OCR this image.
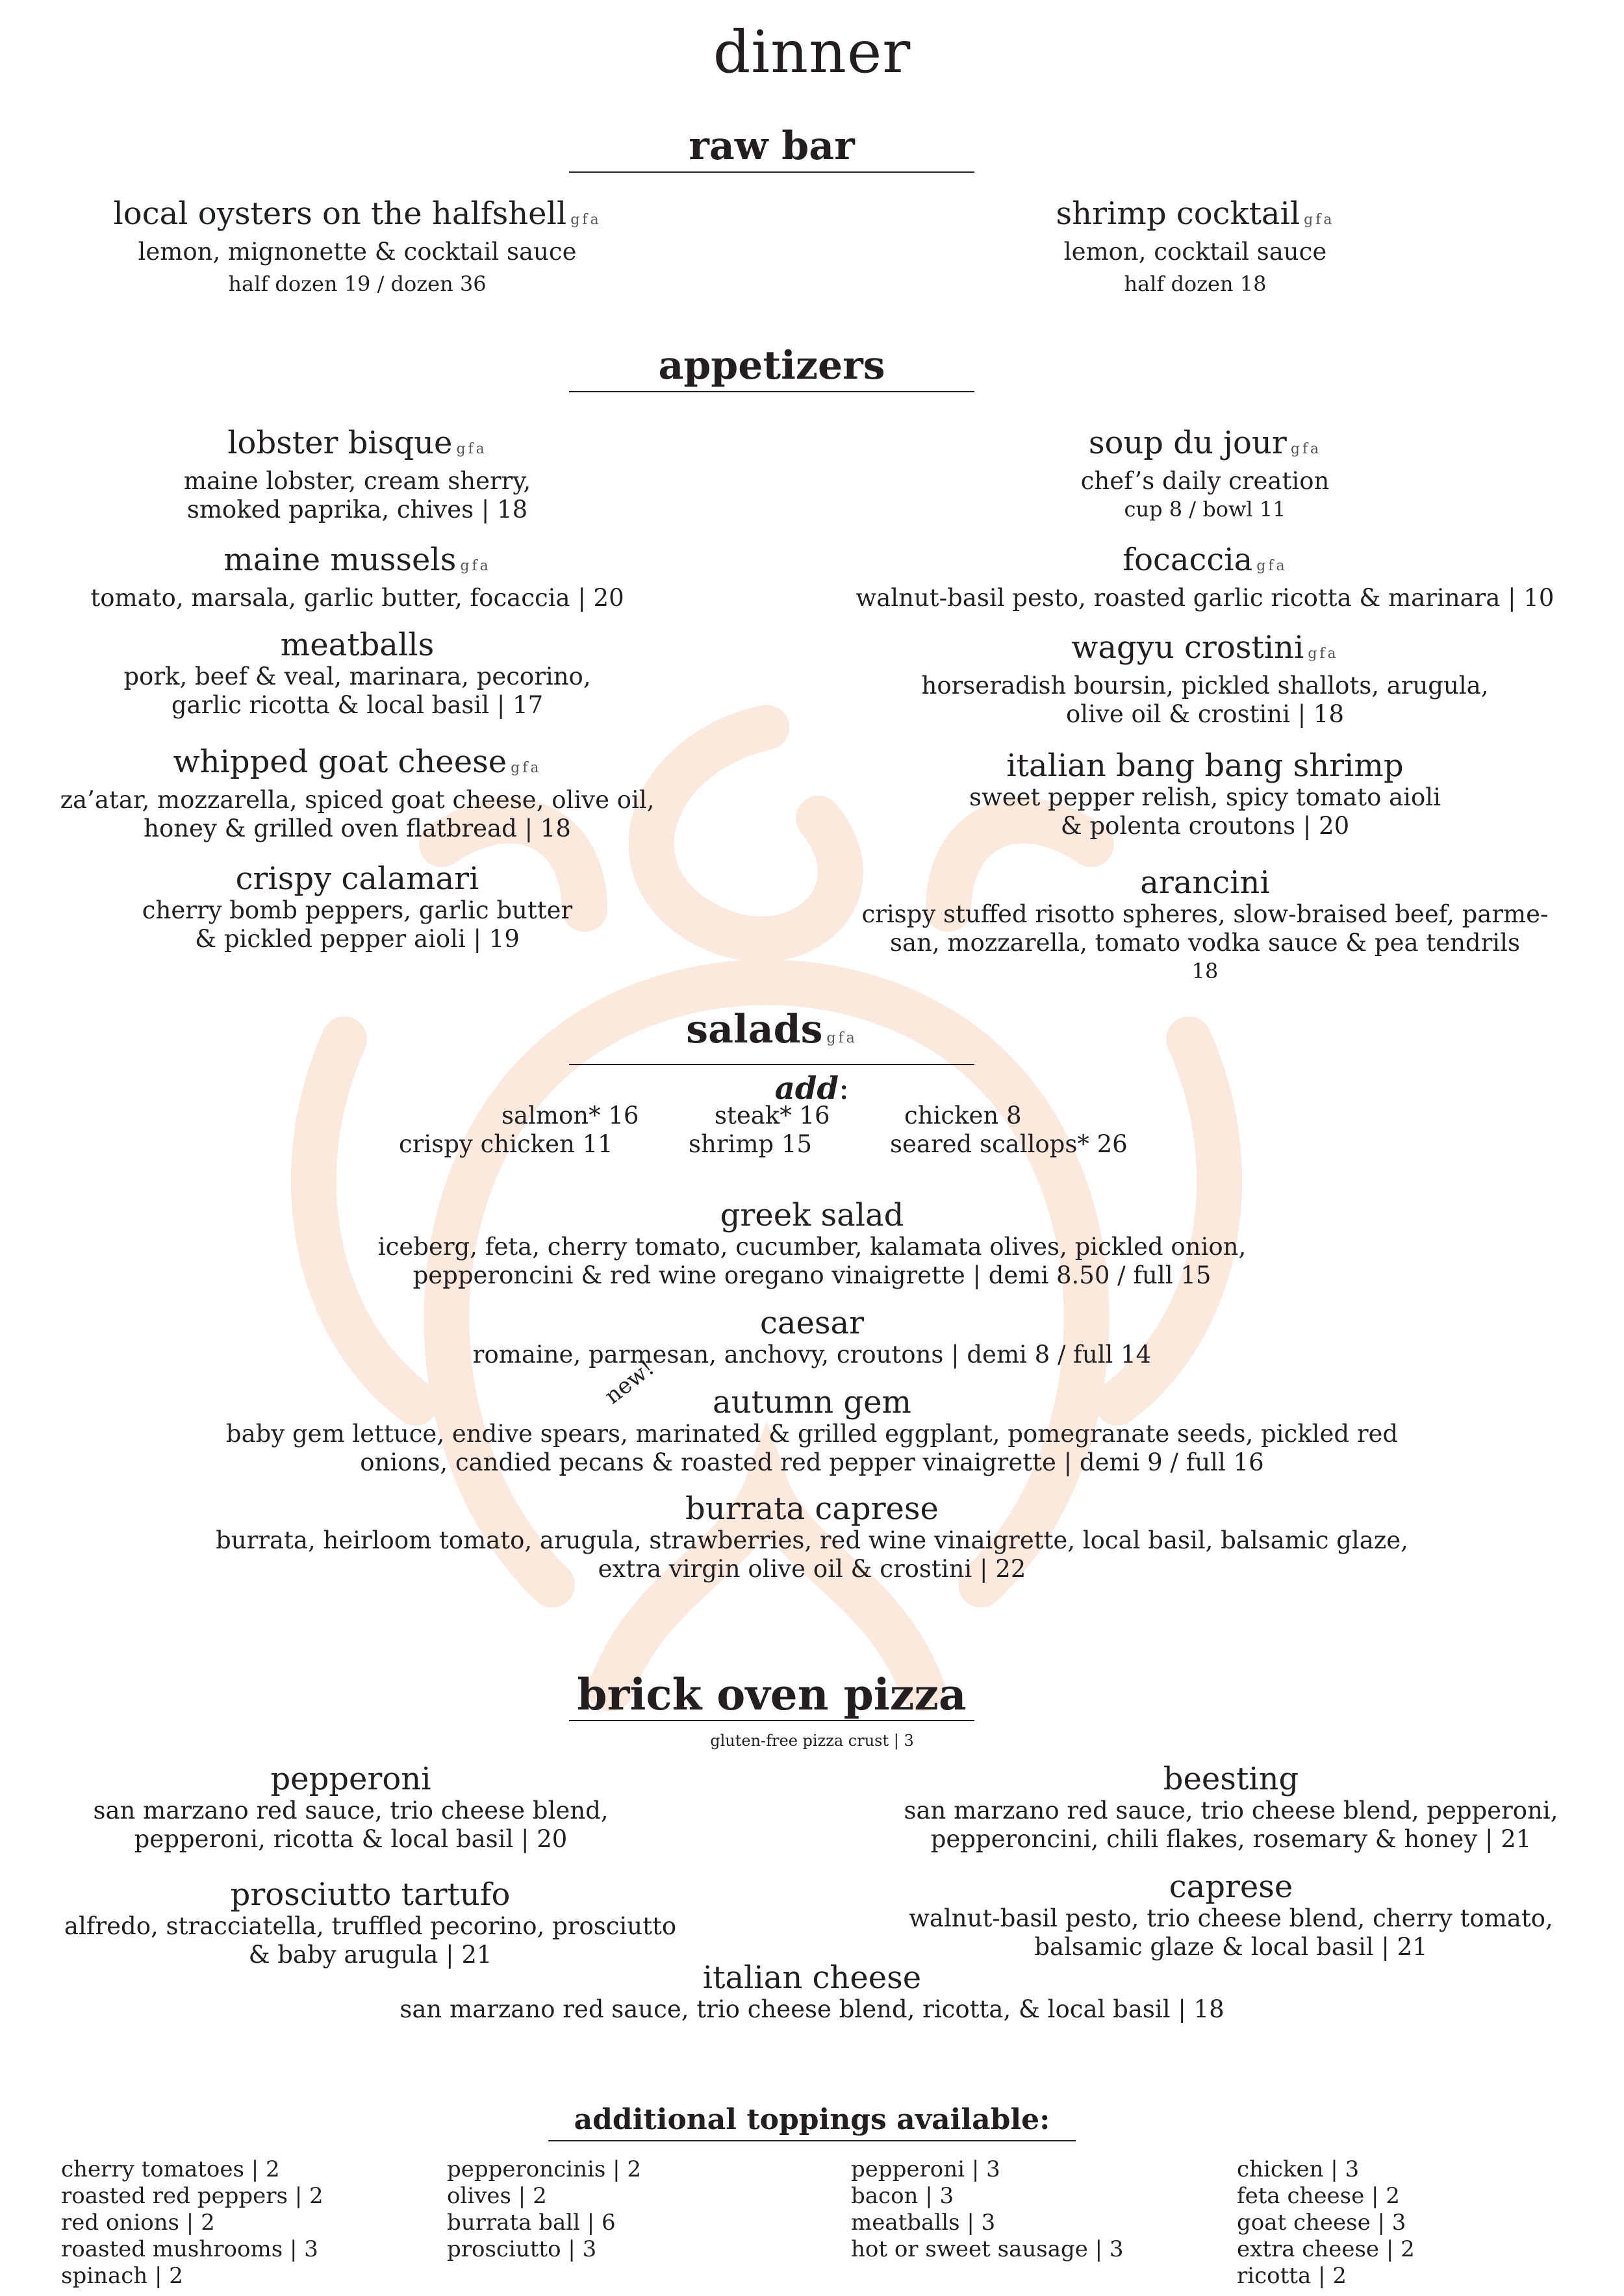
dinner
raw bar
local oysters on the halfshell gfa
lemon, mignonette & cocktail sauce
half dozen 19 / dozen 36
shrimp cocktail gfa
lemon, cocktail sauce
half dozen 18
appetizers
lobster bisque gfa
maine lobster, cream sherry,
smoked paprika, chives | 18
maine mussels gfa
tomato, marsala, garlic butter, focaccia | 20
meatballs
pork, beef & veal, marinara, pecorino,
garlic ricotta & local basil | 17
whipped goat cheese gfa
za’atar, mozzarella, spiced goat cheese, olive oil,
honey & grilled oven flatbread | 18
crispy calamari
cherry bomb peppers, garlic butter
& pickled pepper aioli | 19
soup du jour gfa
chef’s daily creation
cup 8 / bowl 11
focaccia gfa
walnut-basil pesto, roasted garlic ricotta & marinara | 10
wagyu crostini gfa
horseradish boursin, pickled shallots, arugula,
olive oil & crostini | 18
italian bang bang shrimp
sweet pepper relish, spicy tomato aioli
& polenta croutons | 20
arancini
crispy stuffed risotto spheres, slow-braised beef, parme-
san, mozzarella, tomato vodka sauce & pea tendrils
18
salads gfa
add:
salmon* 16	steak* 16	chicken 8
crispy chicken 11	shrimp 15	seared scallops* 26
greek salad
iceberg, feta, cherry tomato, cucumber, kalamata olives, pickled onion,
pepperoncini & red wine oregano vinaigrette | demi 8.50 / full 15
caesar
romaine, parmesan, anchovy, croutons | demi 8 / full 14
new!	autumn gem
baby gem lettuce, endive spears, marinated & grilled eggplant, pomegranate seeds, pickled red
onions, candied pecans & roasted red pepper vinaigrette | demi 9 / full 16
burrata caprese
burrata, heirloom tomato, arugula, strawberries, red wine vinaigrette, local basil, balsamic glaze,
extra virgin olive oil & crostini | 22
brick oven pizza
gluten-free pizza crust | 3
pepperoni
san marzano red sauce, trio cheese blend,
pepperoni, ricotta & local basil | 20
beesting
san marzano red sauce, trio cheese blend, pepperoni,
pepperoncini, chili flakes, rosemary & honey | 21
prosciutto tartufo
alfredo, stracciatella, truffled pecorino, prosciutto
& baby arugula | 21
caprese
walnut-basil pesto, trio cheese blend, cherry tomato,
balsamic glaze & local basil | 21
italian cheese
san marzano red sauce, trio cheese blend, ricotta, & local basil | 18
additional toppings available:
cherry tomatoes | 2
roasted red peppers | 2
red onions | 2
roasted mushrooms | 3
spinach | 2
pepperoncinis | 2
olives | 2
burrata ball | 6
prosciutto | 3
pepperoni | 3
bacon | 3
meatballs | 3
hot or sweet sausage | 3
chicken | 3
feta cheese | 2
goat cheese | 3
extra cheese | 2
ricotta | 2
